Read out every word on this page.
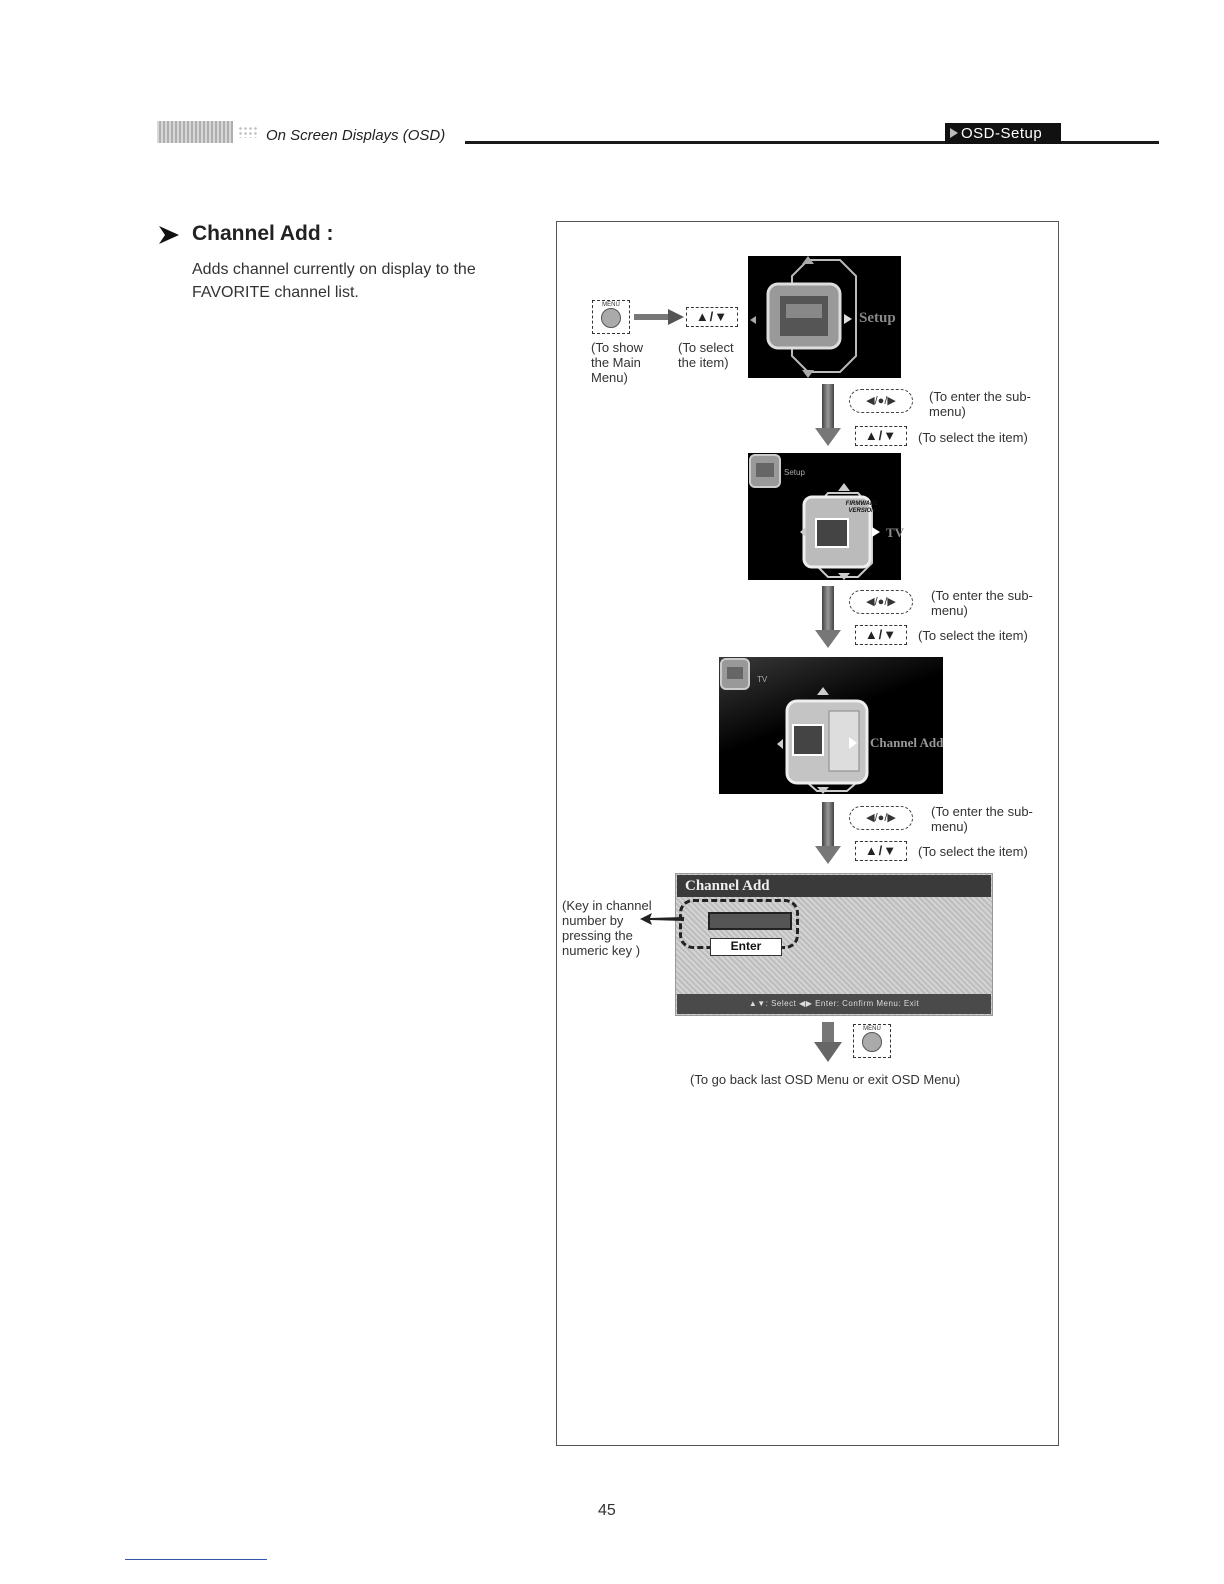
On Screen Displays (OSD)	OSD-Setup
Channel Add :
Adds channel currently on display to the FAVORITE channel list.
MENU
▲/▼
(To show the Main Menu)
(To select the item)
Setup
◀/●/▶	(To enter the sub-menu)
▲/▼	(To select the item)
Setup
FIRMWARE VERSION
TV
◀/●/▶	(To enter the sub-menu)
▲/▼	(To select the item)
TV
Channel Add
◀/●/▶	(To enter the sub-menu)
▲/▼	(To select the item)
Channel Add
Enter
▲▼: Select ◀▶ Enter: Confirm Menu: Exit
(Key in channel number by pressing the numeric key )
MENU
(To go back last OSD Menu or exit OSD Menu)
45
